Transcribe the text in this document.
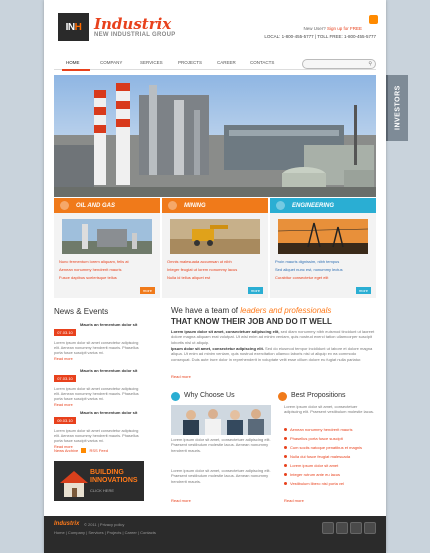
INVESTORS
IN H Industrix
NEW INDUSTRIAL GROUP
New User? Sign up for FREE
LOCAL: 1-800-455-5777 | TOLL FREE: 1-800-455-5777
HOME	COMPANY	SERVICES	PROJECTS	CAREER	CONTACTS	⚲
OIL AND GAS
Nunc fermentum lorem aliquam, felis at
Aenean nonummy hendrerit mauris
Fusce dapibus scelerisque tellus
more
MINING
Omnis malesuada accumsan ut nibh
Integer feugiat ut lorem nonummy lacus
Nulla id tellus aliquet est
more
ENGINEERING
Proin mauris dignissim, nibh tempus
Sed aliquet nunc est, nonummy lectus
Curabitur consectetur eget elit
more
News & Events
07.03.10
Mauris an fermentum dolor sit
Lorem ipsum dolor sit amet consectetur adipiscing elit. Aenean nonummy hendrerit mauris. Phasellus porta fusce suscipit varius mi.
Read more
07.03.10
Mauris an fermentum dolor sit
Lorem ipsum dolor sit amet consectetur adipiscing elit. Aenean nonummy hendrerit mauris. Phasellus porta fusce suscipit varius mi.
Read more
09.03.10
Mauris an fermentum dolor sit
Lorem ipsum dolor sit amet consectetur adipiscing elit. Aenean nonummy hendrerit mauris. Phasellus porta fusce suscipit varius mi.
Read more
News Archive	RSS Feed
BUILDING
INNOVATIONS
CLICK HERE
We have a team of leaders and professionals
THAT KNOW THEIR JOB AND DO IT WELL
Lorem ipsum dolor sit amet, consectetuer adipiscing elit, sed diam nonummy nibh euismod tincidunt ut laoreet dolore magna aliquam erat volutpat. Ut wisi enim ad minim veniam, quis nostrud exerci tation ullamcorper suscipit lobortis nisl ut aliquip.
Ipsum dolor sit amet, consectetur adipiscing elit. Sed do eiusmod tempor incididunt ut labore et dolore magna aliqua. Ut enim ad minim veniam, quis nostrud exercitation ullamco laboris nisi ut aliquip ex ea commodo consequat. Duis aute irure dolor in reprehenderit in voluptate velit esse cillum dolore eu fugiat nulla pariatur.
Read more
Why Choose Us
Lorem ipsum dolor sit amet, consectetuer adipiscing elit. Praesent vestibulum molestie lacus. Aenean nonummy hendrerit mauris.
Lorem ipsum dolor sit amet, consectetuer adipiscing elit. Praesent vestibulum molestie lacus. Aenean nonummy hendrerit mauris.
Read more
Best Propositions
Lorem ipsum dolor sit amet, consectetuer adipiscing elit. Praesent vestibulum molestie lacus.
Aenean nonummy hendrerit mauris
Phasellus porta fusce suscipit
Cum sociis natoque penatibus et magnis
Nulla dui fusce feugiat malesuada
Lorem ipsum dolor sit amet
Integer rutrum ante eu lacus
Vestibulum libero nisl porta vel
Read more
Industrix © 2011 | Privacy policy
Home | Company | Services | Projects | Career | Contacts
